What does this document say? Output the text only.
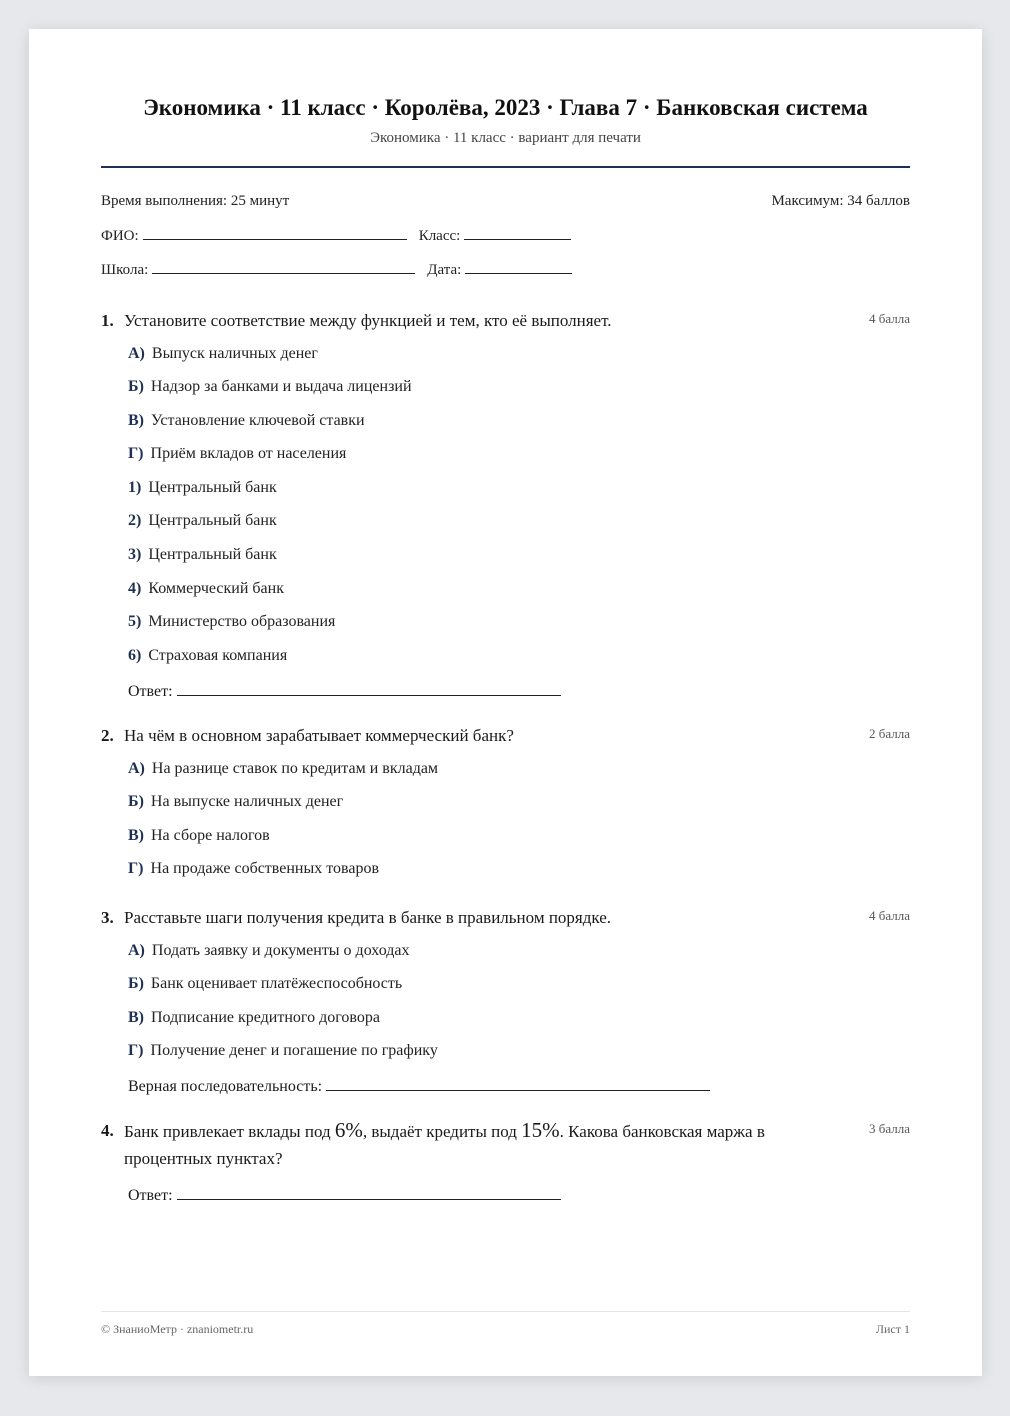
Экономика · 11 класс · Королёва, 2023 · Глава 7 · Банковская система
Экономика · 11 класс · вариант для печати
Время выполнения: 25 минут	Максимум: 34 баллов
ФИО:	Класс:
Школа:	Дата:
1. Установите соответствие между функцией и тем, кто её выполняет.	4 балла
А) Выпуск наличных денег
Б) Надзор за банками и выдача лицензий
В) Установление ключевой ставки
Г) Приём вкладов от населения
1) Центральный банк
2) Центральный банк
3) Центральный банк
4) Коммерческий банк
5) Министерство образования
6) Страховая компания
Ответ:
2. На чём в основном зарабатывает коммерческий банк?	2 балла
А) На разнице ставок по кредитам и вкладам
Б) На выпуске наличных денег
В) На сборе налогов
Г) На продаже собственных товаров
3. Расставьте шаги получения кредита в банке в правильном порядке.	4 балла
А) Подать заявку и документы о доходах
Б) Банк оценивает платёжеспособность
В) Подписание кредитного договора
Г) Получение денег и погашение по графику
Верная последовательность:
4. Банк привлекает вклады под 6%, выдаёт кредиты под 15%. Какова банковская маржа в процентных пунктах?
3 балла
Ответ:
© ЗнаниоМетр · znaniometr.ru	Лист 1
